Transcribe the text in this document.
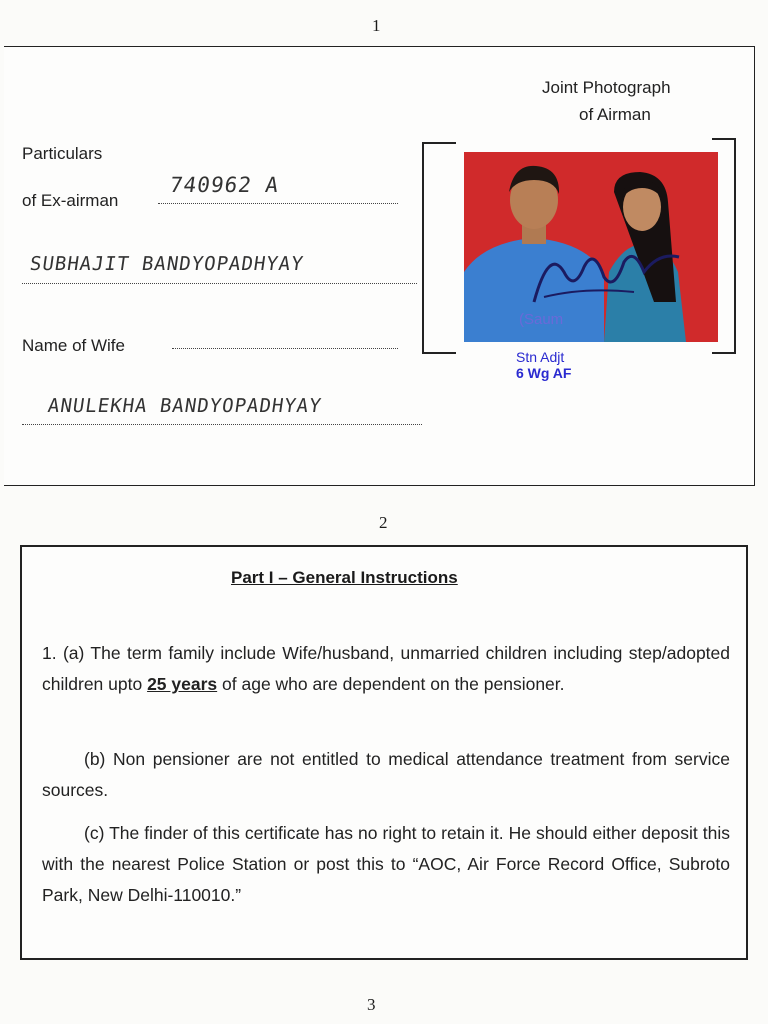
1
Joint Photograph
of Airman
Particulars
of Ex-airman
740962 A
SUBHAJIT BANDYOPADHYAY
Name of Wife
ANULEKHA BANDYOPADHYAY
(Saum
Stn Adjt
6 Wg AF
2
Part I – General Instructions
1. (a) The term family include Wife/husband, unmarried children including step/adopted children upto 25 years of age who are dependent on the pensioner.
(b) Non pensioner are not entitled to medical attendance treatment from service sources.
(c) The finder of this certificate has no right to retain it. He should either deposit this with the nearest Police Station or post this to “AOC, Air Force Record Office, Subroto Park, New Delhi-110010.”
3
